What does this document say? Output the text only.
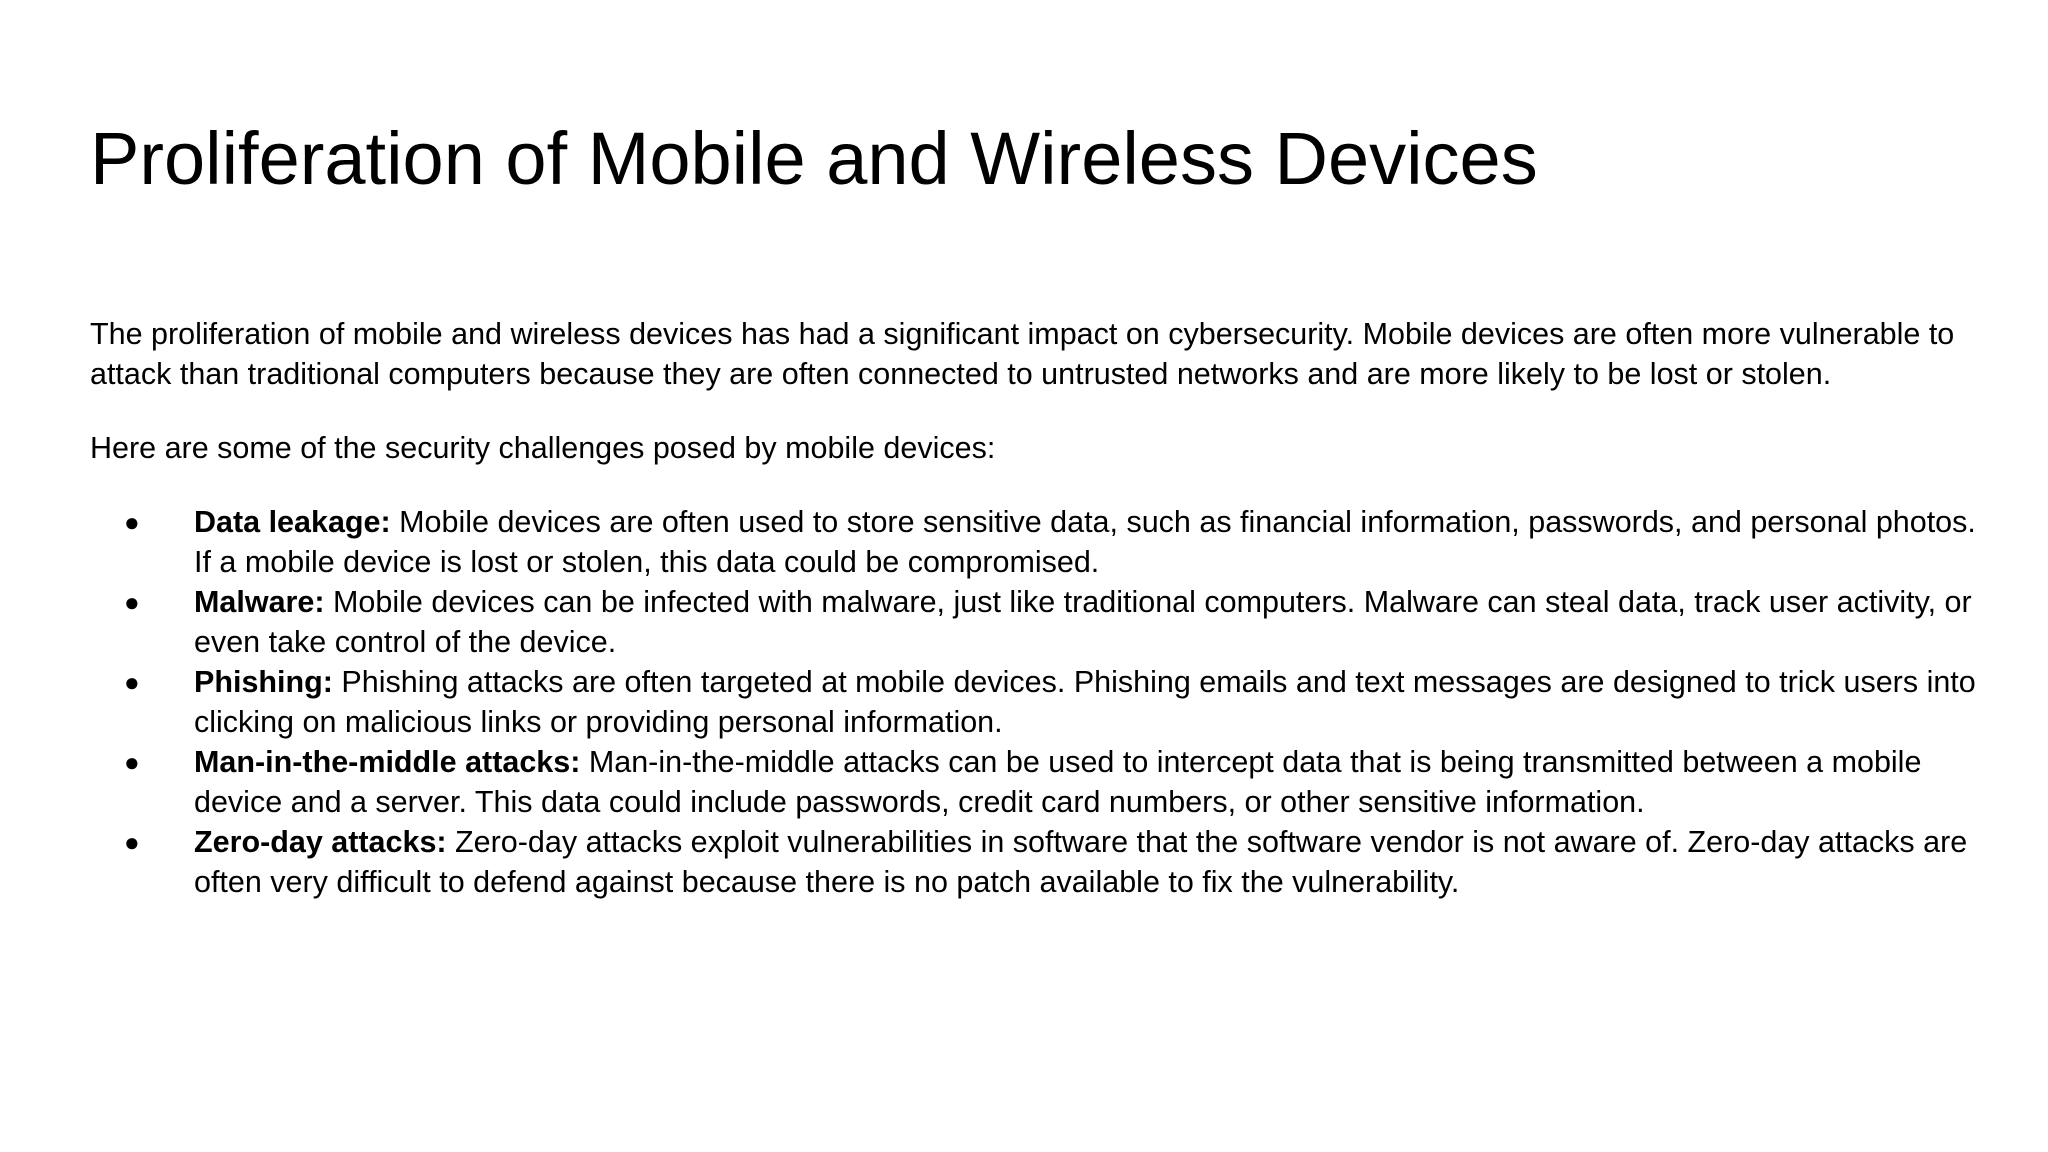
Proliferation of Mobile and Wireless Devices

The proliferation of mobile and wireless devices has had a significant impact on cybersecurity. Mobile devices are often more vulnerable to attack than traditional computers because they are often connected to untrusted networks and are more likely to be lost or stolen.

Here are some of the security challenges posed by mobile devices:

● Data leakage: Mobile devices are often used to store sensitive data, such as financial information, passwords, and personal photos. If a mobile device is lost or stolen, this data could be compromised.
● Malware: Mobile devices can be infected with malware, just like traditional computers. Malware can steal data, track user activity, or even take control of the device.
● Phishing: Phishing attacks are often targeted at mobile devices. Phishing emails and text messages are designed to trick users into clicking on malicious links or providing personal information.
● Man-in-the-middle attacks: Man-in-the-middle attacks can be used to intercept data that is being transmitted between a mobile device and a server. This data could include passwords, credit card numbers, or other sensitive information.
● Zero-day attacks: Zero-day attacks exploit vulnerabilities in software that the software vendor is not aware of. Zero-day attacks are often very difficult to defend against because there is no patch available to fix the vulnerability.
